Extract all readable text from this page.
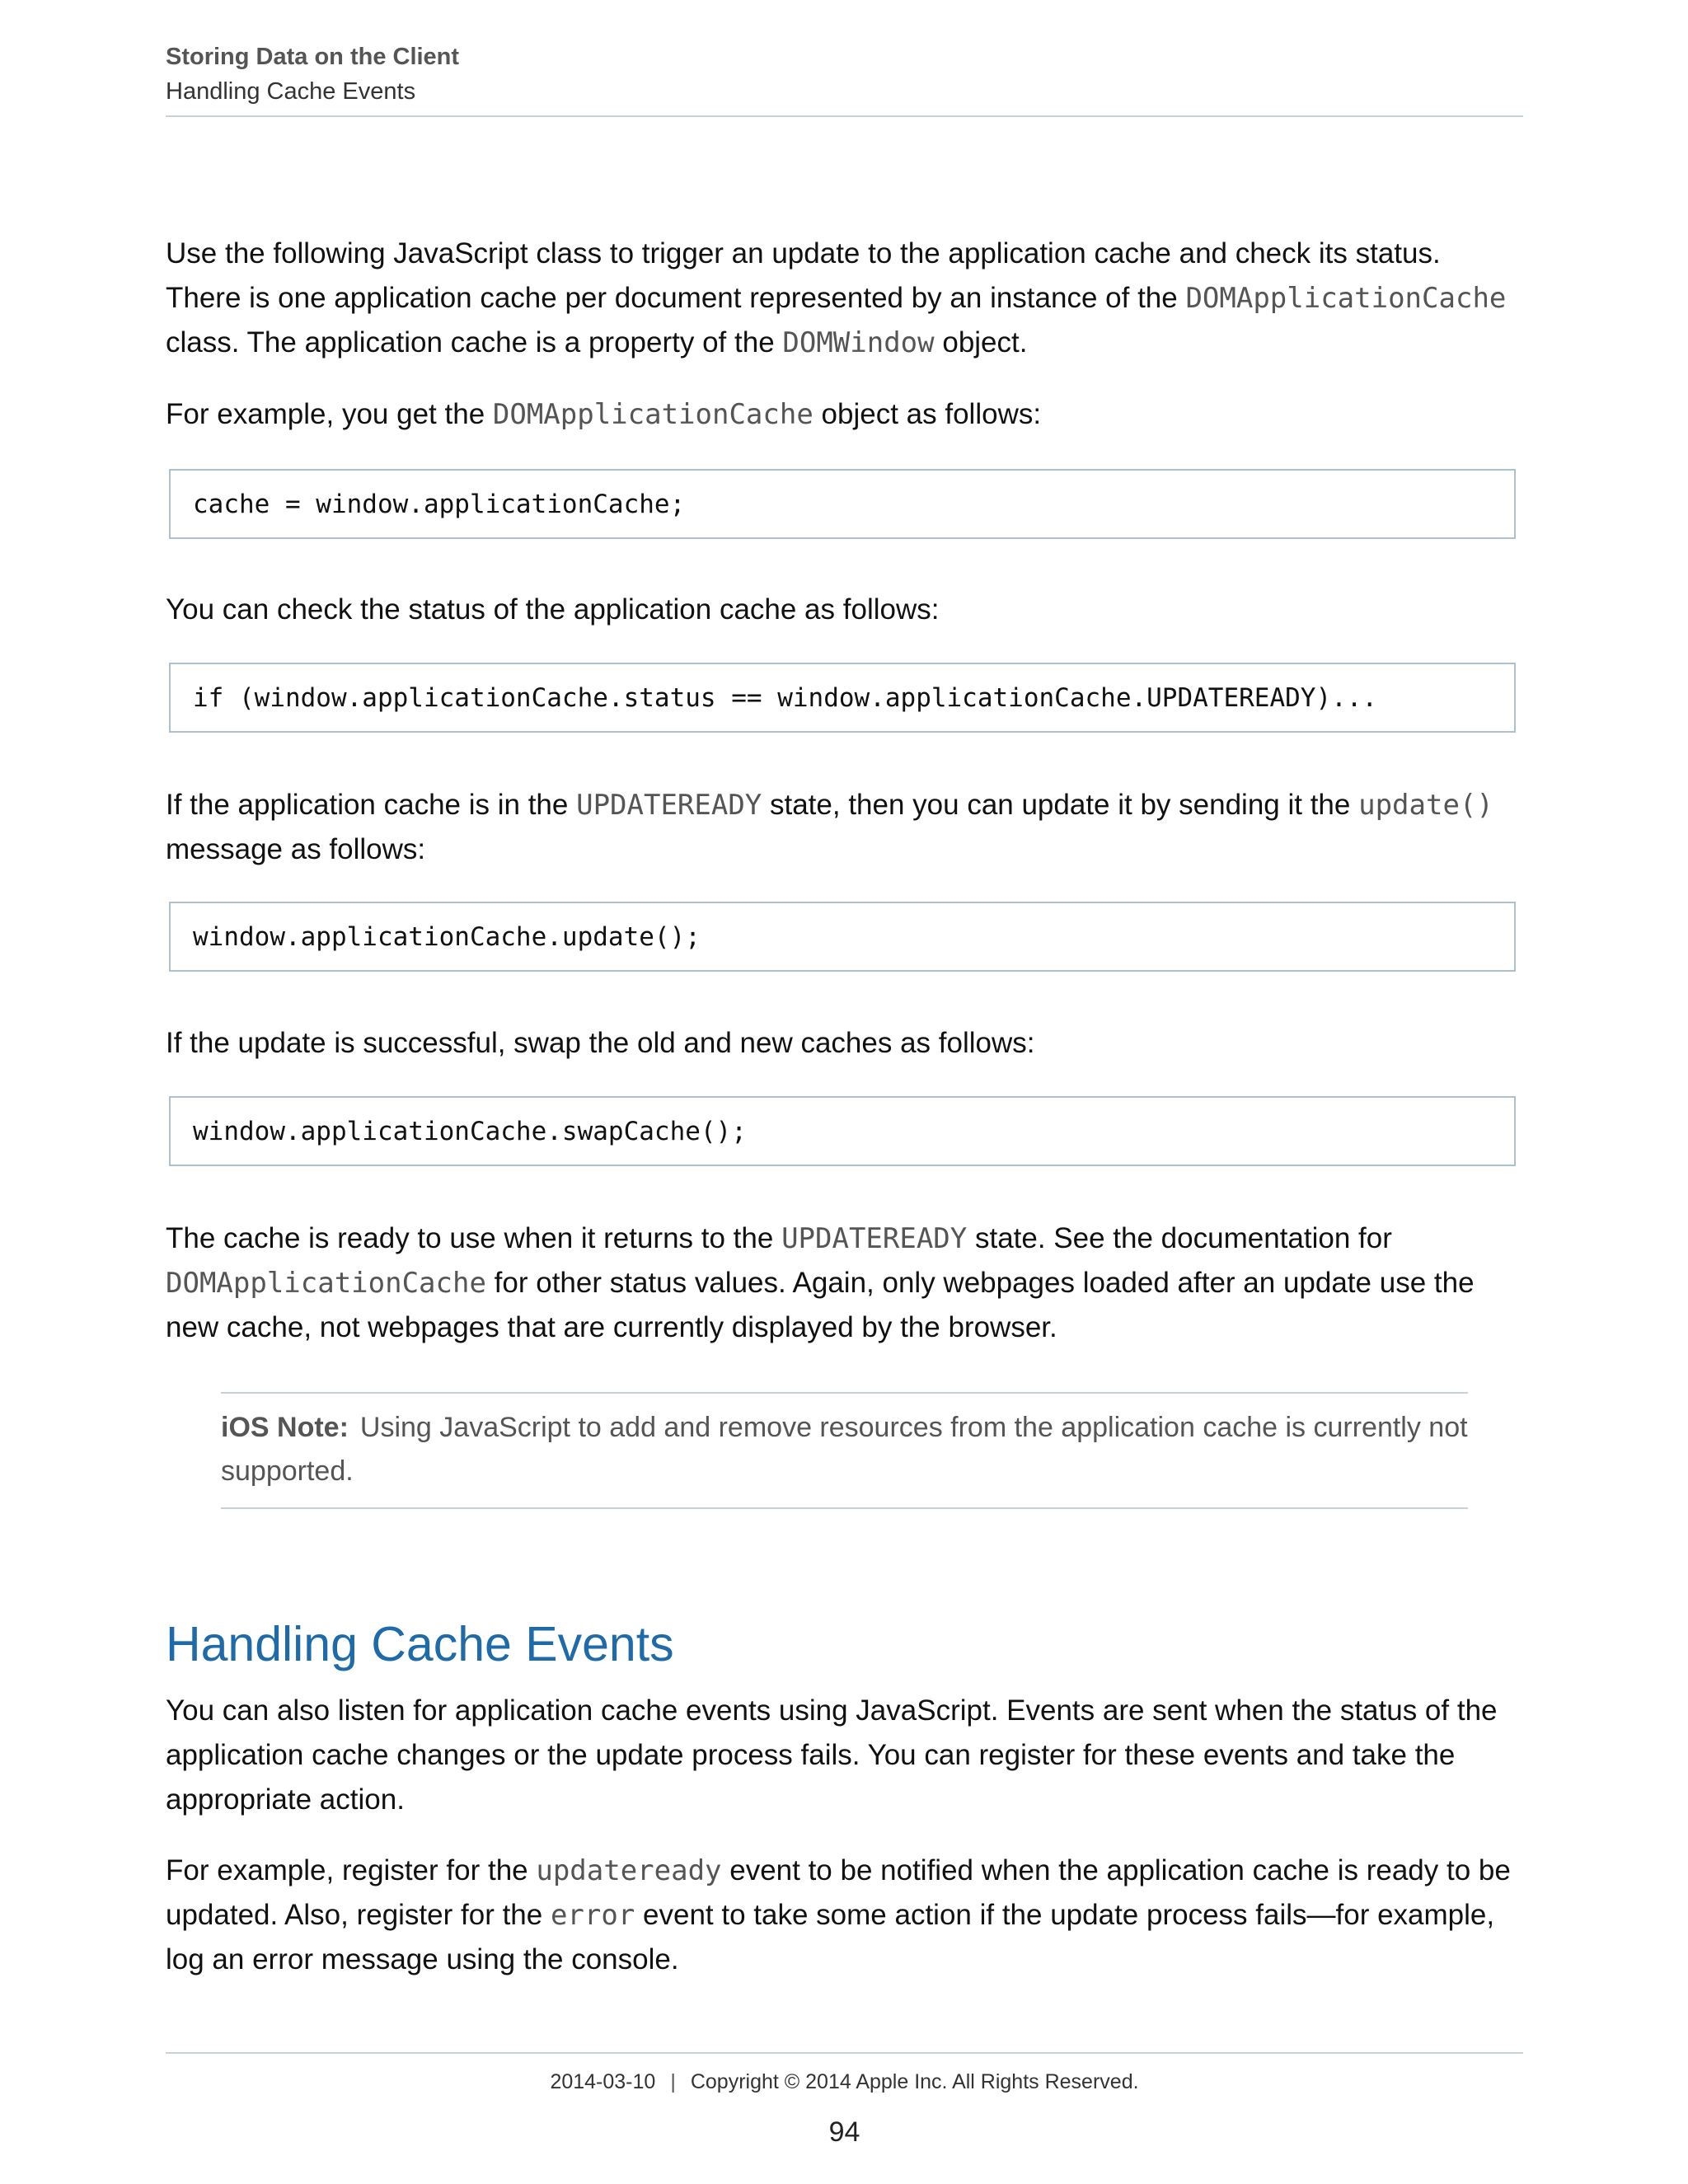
Storing Data on the Client
Handling Cache Events

Use the following JavaScript class to trigger an update to the application cache and check its status. There is one application cache per document represented by an instance of the DOMApplicationCache class. The application cache is a property of the DOMWindow object.

For example, you get the DOMApplicationCache object as follows:

cache = window.applicationCache;

You can check the status of the application cache as follows:

if (window.applicationCache.status == window.applicationCache.UPDATEREADY)...

If the application cache is in the UPDATEREADY state, then you can update it by sending it the update() message as follows:

window.applicationCache.update();

If the update is successful, swap the old and new caches as follows:

window.applicationCache.swapCache();

The cache is ready to use when it returns to the UPDATEREADY state. See the documentation for DOMApplicationCache for other status values. Again, only webpages loaded after an update use the new cache, not webpages that are currently displayed by the browser.

iOS Note: Using JavaScript to add and remove resources from the application cache is currently not supported.

Handling Cache Events

You can also listen for application cache events using JavaScript. Events are sent when the status of the application cache changes or the update process fails. You can register for these events and take the appropriate action.

For example, register for the updateready event to be notified when the application cache is ready to be updated. Also, register for the error event to take some action if the update process fails—for example, log an error message using the console.

2014-03-10 | Copyright © 2014 Apple Inc. All Rights Reserved.
94
